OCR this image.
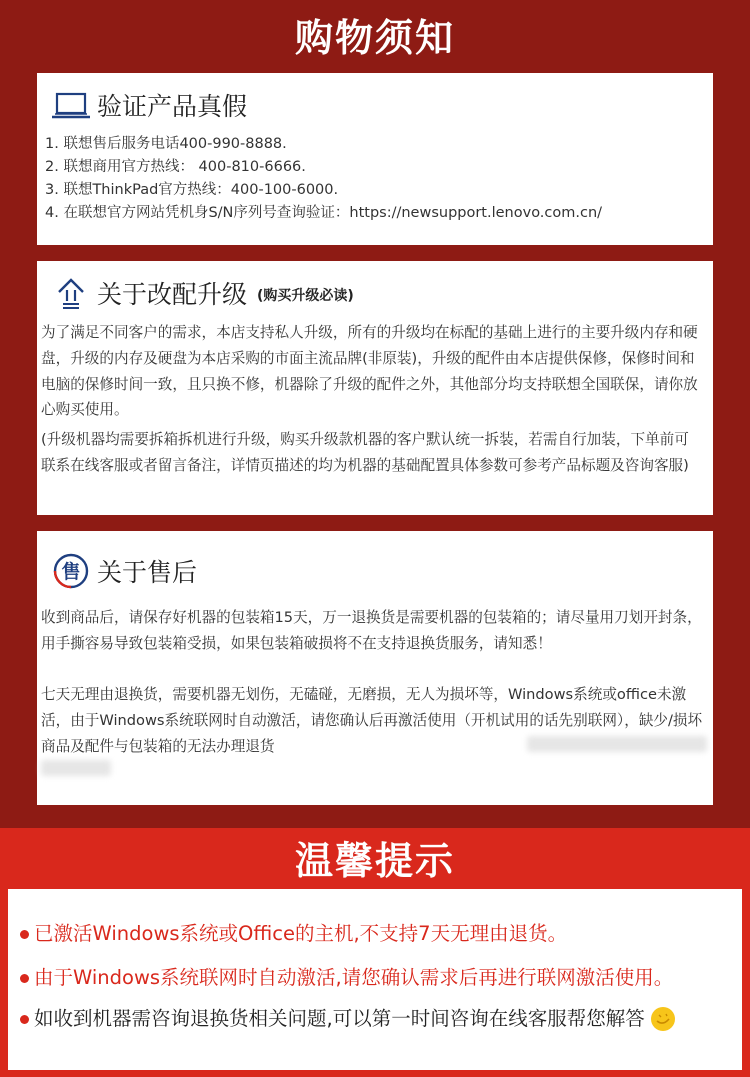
购物须知
验证产品真假
1. 联想售后服务电话400-990-8888.
2. 联想商用官方热线： 400-810-6666.
3. 联想ThinkPad官方热线：400-100-6000.
4. 在联想官方网站凭机身S/N序列号查询验证：https://newsupport.lenovo.com.cn/
关于改配升级 (购买升级必读)

为了满足不同客户的需求，本店支持私人升级，所有的升级均在标配的基础上进行的主要升级内存和硬盘，升级的内存及硬盘为本店采购的市面主流品牌(非原装)，升级的配件由本店提供保修，保修时间和电脑的保修时间一致，且只换不修，机器除了升级的配件之外，其他部分均支持联想全国联保，请你放心购买使用。

(升级机器均需要拆箱拆机进行升级，购买升级款机器的客户默认统一拆装，若需自行加装，下单前可联系在线客服或者留言备注，详情页描述的均为机器的基础配置具体参数可参考产品标题及咨询客服)

售 关于售后

收到商品后，请保存好机器的包装箱15天，万一退换货是需要机器的包装箱的；请尽量用刀划开封条，用手撕容易导致包装箱受损，如果包装箱破损将不在支持退换货服务，请知悉！

七天无理由退换货，需要机器无划伤，无磕碰，无磨损，无人为损坏等，Windows系统或office未激活，由于Windows系统联网时自动激活，请您确认后再激活使用（开机试用的话先别联网），缺少/损坏商品及配件与包装箱的无法办理退货

温馨提示
已激活Windows系统或Office的主机,不支持7天无理由退货。
由于Windows系统联网时自动激活,请您确认需求后再进行联网激活使用。
如收到机器需咨询退换货相关问题,可以第一时间咨询在线客服帮您解答
